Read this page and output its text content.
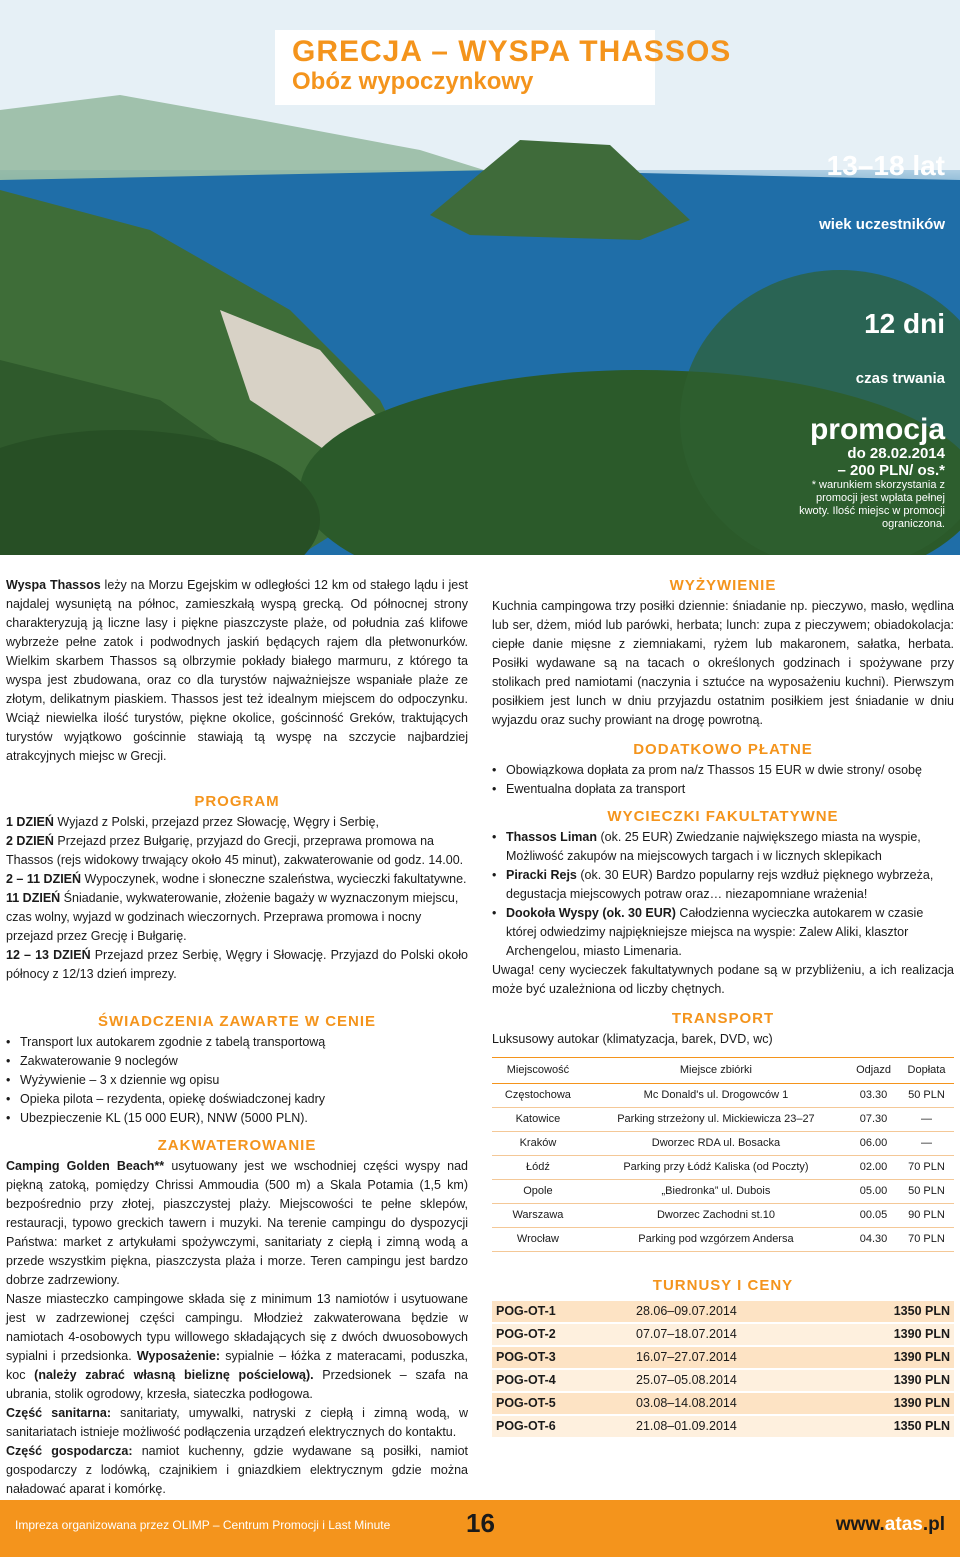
GRECJA – WYSPA THASSOS
Obóz wypoczynkowy
13–18 lat
wiek uczestników
12 dni
czas trwania
promocja
do 28.02.2014
– 200 PLN/ os.*
* warunkiem skorzystania z promocji jest wpłata pełnej kwoty. Ilość miejsc w promocji ograniczona.

Wyspa Thassos leży na Morzu Egejskim w odległości 12 km od stałego lądu i jest najdalej wysuniętą na północ, zamieszkałą wyspą grecką. Od północnej strony charakteryzują ją liczne lasy i piękne piaszczyste plaże, od południa zaś klifowe wybrzeże pełne zatok i podwodnych jaskiń będących rajem dla płetwonurków. Wielkim skarbem Thassos są olbrzymie pokłady białego marmuru, z którego ta wyspa jest zbudowana, oraz co dla turystów najważniejsze wspaniałe plaże ze złotym, delikatnym piaskiem. Thassos jest też idealnym miejscem do odpoczynku. Wciąż niewielka ilość turystów, piękne okolice, gościnność Greków, traktujących turystów wyjątkowo gościnnie stawiają tą wyspę na szczycie najbardziej atrakcyjnych miejsc w Grecji.

PROGRAM

1 DZIEŃ Wyjazd z Polski, przejazd przez Słowację, Węgry i Serbię,

2 DZIEŃ Przejazd przez Bułgarię, przyjazd do Grecji, przeprawa promowa na Thassos (rejs widokowy trwający około 45 minut), zakwaterowanie od godz. 14.00.

2 – 11 DZIEŃ Wypoczynek, wodne i słoneczne szaleństwa, wycieczki fakultatywne.

11 DZIEŃ Śniadanie, wykwaterowanie, złożenie bagaży w wyznaczonym miejscu, czas wolny, wyjazd w godzinach wieczornych. Przeprawa promowa i nocny przejazd przez Grecję i Bułgarię.

12 – 13 DZIEŃ Przejazd przez Serbię, Węgry i Słowację. Przyjazd do Polski około północy z 12/13 dzień imprezy.

ŚWIADCZENIA ZAWARTE W CENIE
• Transport lux autokarem zgodnie z tabelą transportową
• Zakwaterowanie 9 noclegów
• Wyżywienie – 3 x dziennie wg opisu
• Opieka pilota – rezydenta, opiekę doświadczonej kadry
• Ubezpieczenie KL (15 000 EUR), NNW (5000 PLN).
ZAKWATEROWANIE

Camping Golden Beach** usytuowany jest we wschodniej części wyspy nad piękną zatoką, pomiędzy Chrissi Ammoudia (500 m) a Skala Potamia (1,5 km) bezpośrednio przy złotej, piaszczystej plaży. Miejscowości te pełne sklepów, restauracji, typowo greckich tawern i muzyki. Na terenie campingu do dyspozycji Państwa: market z artykułami spożywczymi, sanitariaty z ciepłą i zimną wodą a przede wszystkim piękna, piaszczysta plaża i morze. Teren campingu jest bardzo dobrze zadrzewiony.

Nasze miasteczko campingowe składa się z minimum 13 namiotów i usytuowane jest w zadrzewionej części campingu. Młodzież zakwaterowana będzie w namiotach 4-osobowych typu willowego składających się z dwóch dwuosobowych sypialni i przedsionka. Wyposażenie: sypialnie – łóżka z materacami, poduszka, koc (należy zabrać własną bieliznę pościelową). Przedsionek – szafa na ubrania, stolik ogrodowy, krzesła, siateczka podłogowa.

Część sanitarna: sanitariaty, umywalki, natryski z ciepłą i zimną wodą, w sanitariatach istnieje możliwość podłączenia urządzeń elektrycznych do kontaktu.

Część gospodarcza: namiot kuchenny, gdzie wydawane są posiłki, namiot gospodarczy z lodówką, czajnikiem i gniazdkiem elektrycznym gdzie można naładować aparat i komórkę.

WYŻYWIENIE

Kuchnia campingowa trzy posiłki dziennie: śniadanie np. pieczywo, masło, wędlina lub ser, dżem, miód lub parówki, herbata; lunch: zupa z pieczywem; obiadokolacja: ciepłe danie mięsne z ziemniakami, ryżem lub makaronem, sałatka, herbata. Posiłki wydawane są na tacach o określonych godzinach i spożywane przy stolikach pred namiotami (naczynia i sztućce na wyposażeniu kuchni). Pierwszym posiłkiem jest lunch w dniu przyjazdu ostatnim posiłkiem jest śniadanie w dniu wyjazdu oraz suchy prowiant na drogę powrotną.

DODATKOWO PŁATNE
• Obowiązkowa dopłata za prom na/z Thassos 15 EUR w dwie strony/ osobę
• Ewentualna dopłata za transport
WYCIECZKI FAKULTATYWNE
• Thassos Liman (ok. 25 EUR) Zwiedzanie największego miasta na wyspie, Możliwość zakupów na miejscowych targach i w licznych sklepikach
• Piracki Rejs (ok. 30 EUR) Bardzo popularny rejs wzdłuż pięknego wybrzeża, degustacja miejscowych potraw oraz… niezapomniane wrażenia!
• Dookoła Wyspy (ok. 30 EUR) Całodzienna wycieczka autokarem w czasie której odwiedzimy najpiękniejsze miejsca na wyspie: Zalew Aliki, klasztor Archengelou, miasto Limenaria.

Uwaga! ceny wycieczek fakultatywnych podane są w przybliżeniu, a ich realizacja może być uzależniona od liczby chętnych.

TRANSPORT

Luksusowy autokar (klimatyzacja, barek, DVD, wc)

Miejscowość	Miejsce zbiórki	Odjazd	Dopłata
Częstochowa	Mc Donald's ul. Drogowców 1	03.30	50 PLN
Katowice	Parking strzeżony ul. Mickiewicza 23–27	07.30	—
Kraków	Dworzec RDA ul. Bosacka	06.00	—
Łódź	Parking przy Łódź Kaliska (od Poczty)	02.00	70 PLN
Opole	„Biedronka” ul. Dubois	05.00	50 PLN
Warszawa	Dworzec Zachodni st.10	00.05	90 PLN
Wrocław	Parking pod wzgórzem Andersa	04.30	70 PLN
TURNUSY I CENY
POG-OT-1	28.06–09.07.2014	1350 PLN
POG-OT-2	07.07–18.07.2014	1390 PLN
POG-OT-3	16.07–27.07.2014	1390 PLN
POG-OT-4	25.07–05.08.2014	1390 PLN
POG-OT-5	03.08–14.08.2014	1390 PLN
POG-OT-6	21.08–01.09.2014	1350 PLN
Impreza organizowana przez OLIMP – Centrum Promocji i Last Minute	16	www.atas.pl
